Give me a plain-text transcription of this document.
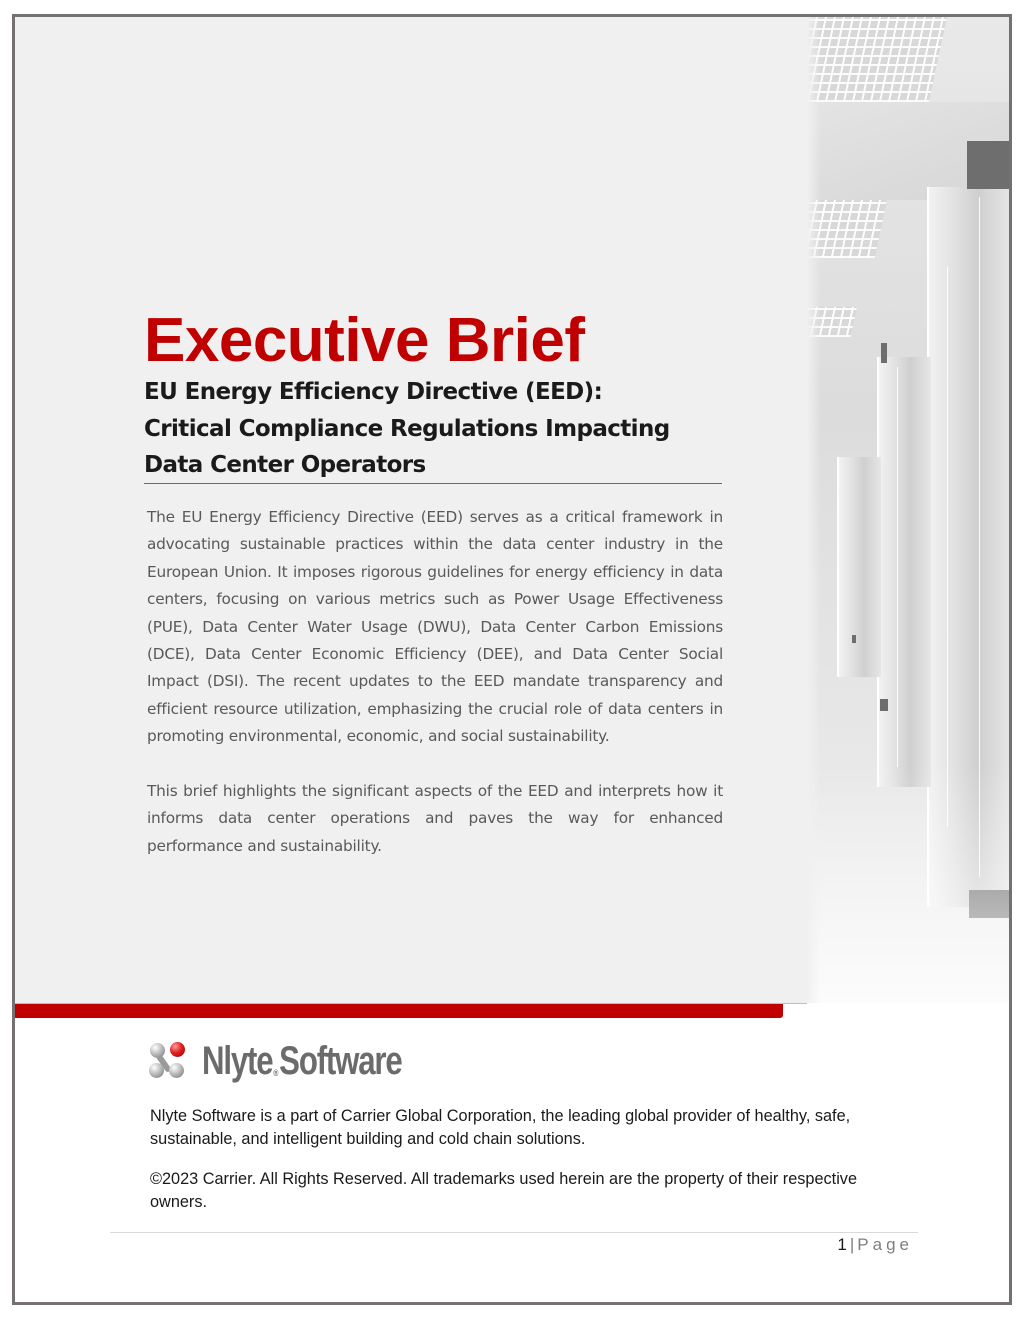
Executive Brief
EU Energy Efficiency Directive (EED):
Critical Compliance Regulations Impacting
Data Center Operators

The EU Energy Efficiency Directive (EED) serves as a critical framework in advocating sustainable practices within the data center industry in the European Union. It imposes rigorous guidelines for energy efficiency in data centers, focusing on various metrics such as Power Usage Effectiveness (PUE), Data Center Water Usage (DWU), Data Center Carbon Emissions (DCE), Data Center Economic Efficiency (DEE), and Data Center Social Impact (DSI). The recent updates to the EED mandate transparency and efficient resource utilization, emphasizing the crucial role of data centers in promoting environmental, economic, and social sustainability.

This brief highlights the significant aspects of the EED and interprets how it informs data center operations and paves the way for enhanced performance and sustainability.

Nlyte®Software

Nlyte Software is a part of Carrier Global Corporation, the leading global provider of healthy, safe, sustainable, and intelligent building and cold chain solutions.

©2023 Carrier. All Rights Reserved. All trademarks used herein are the property of their respective owners.

1 | Page
